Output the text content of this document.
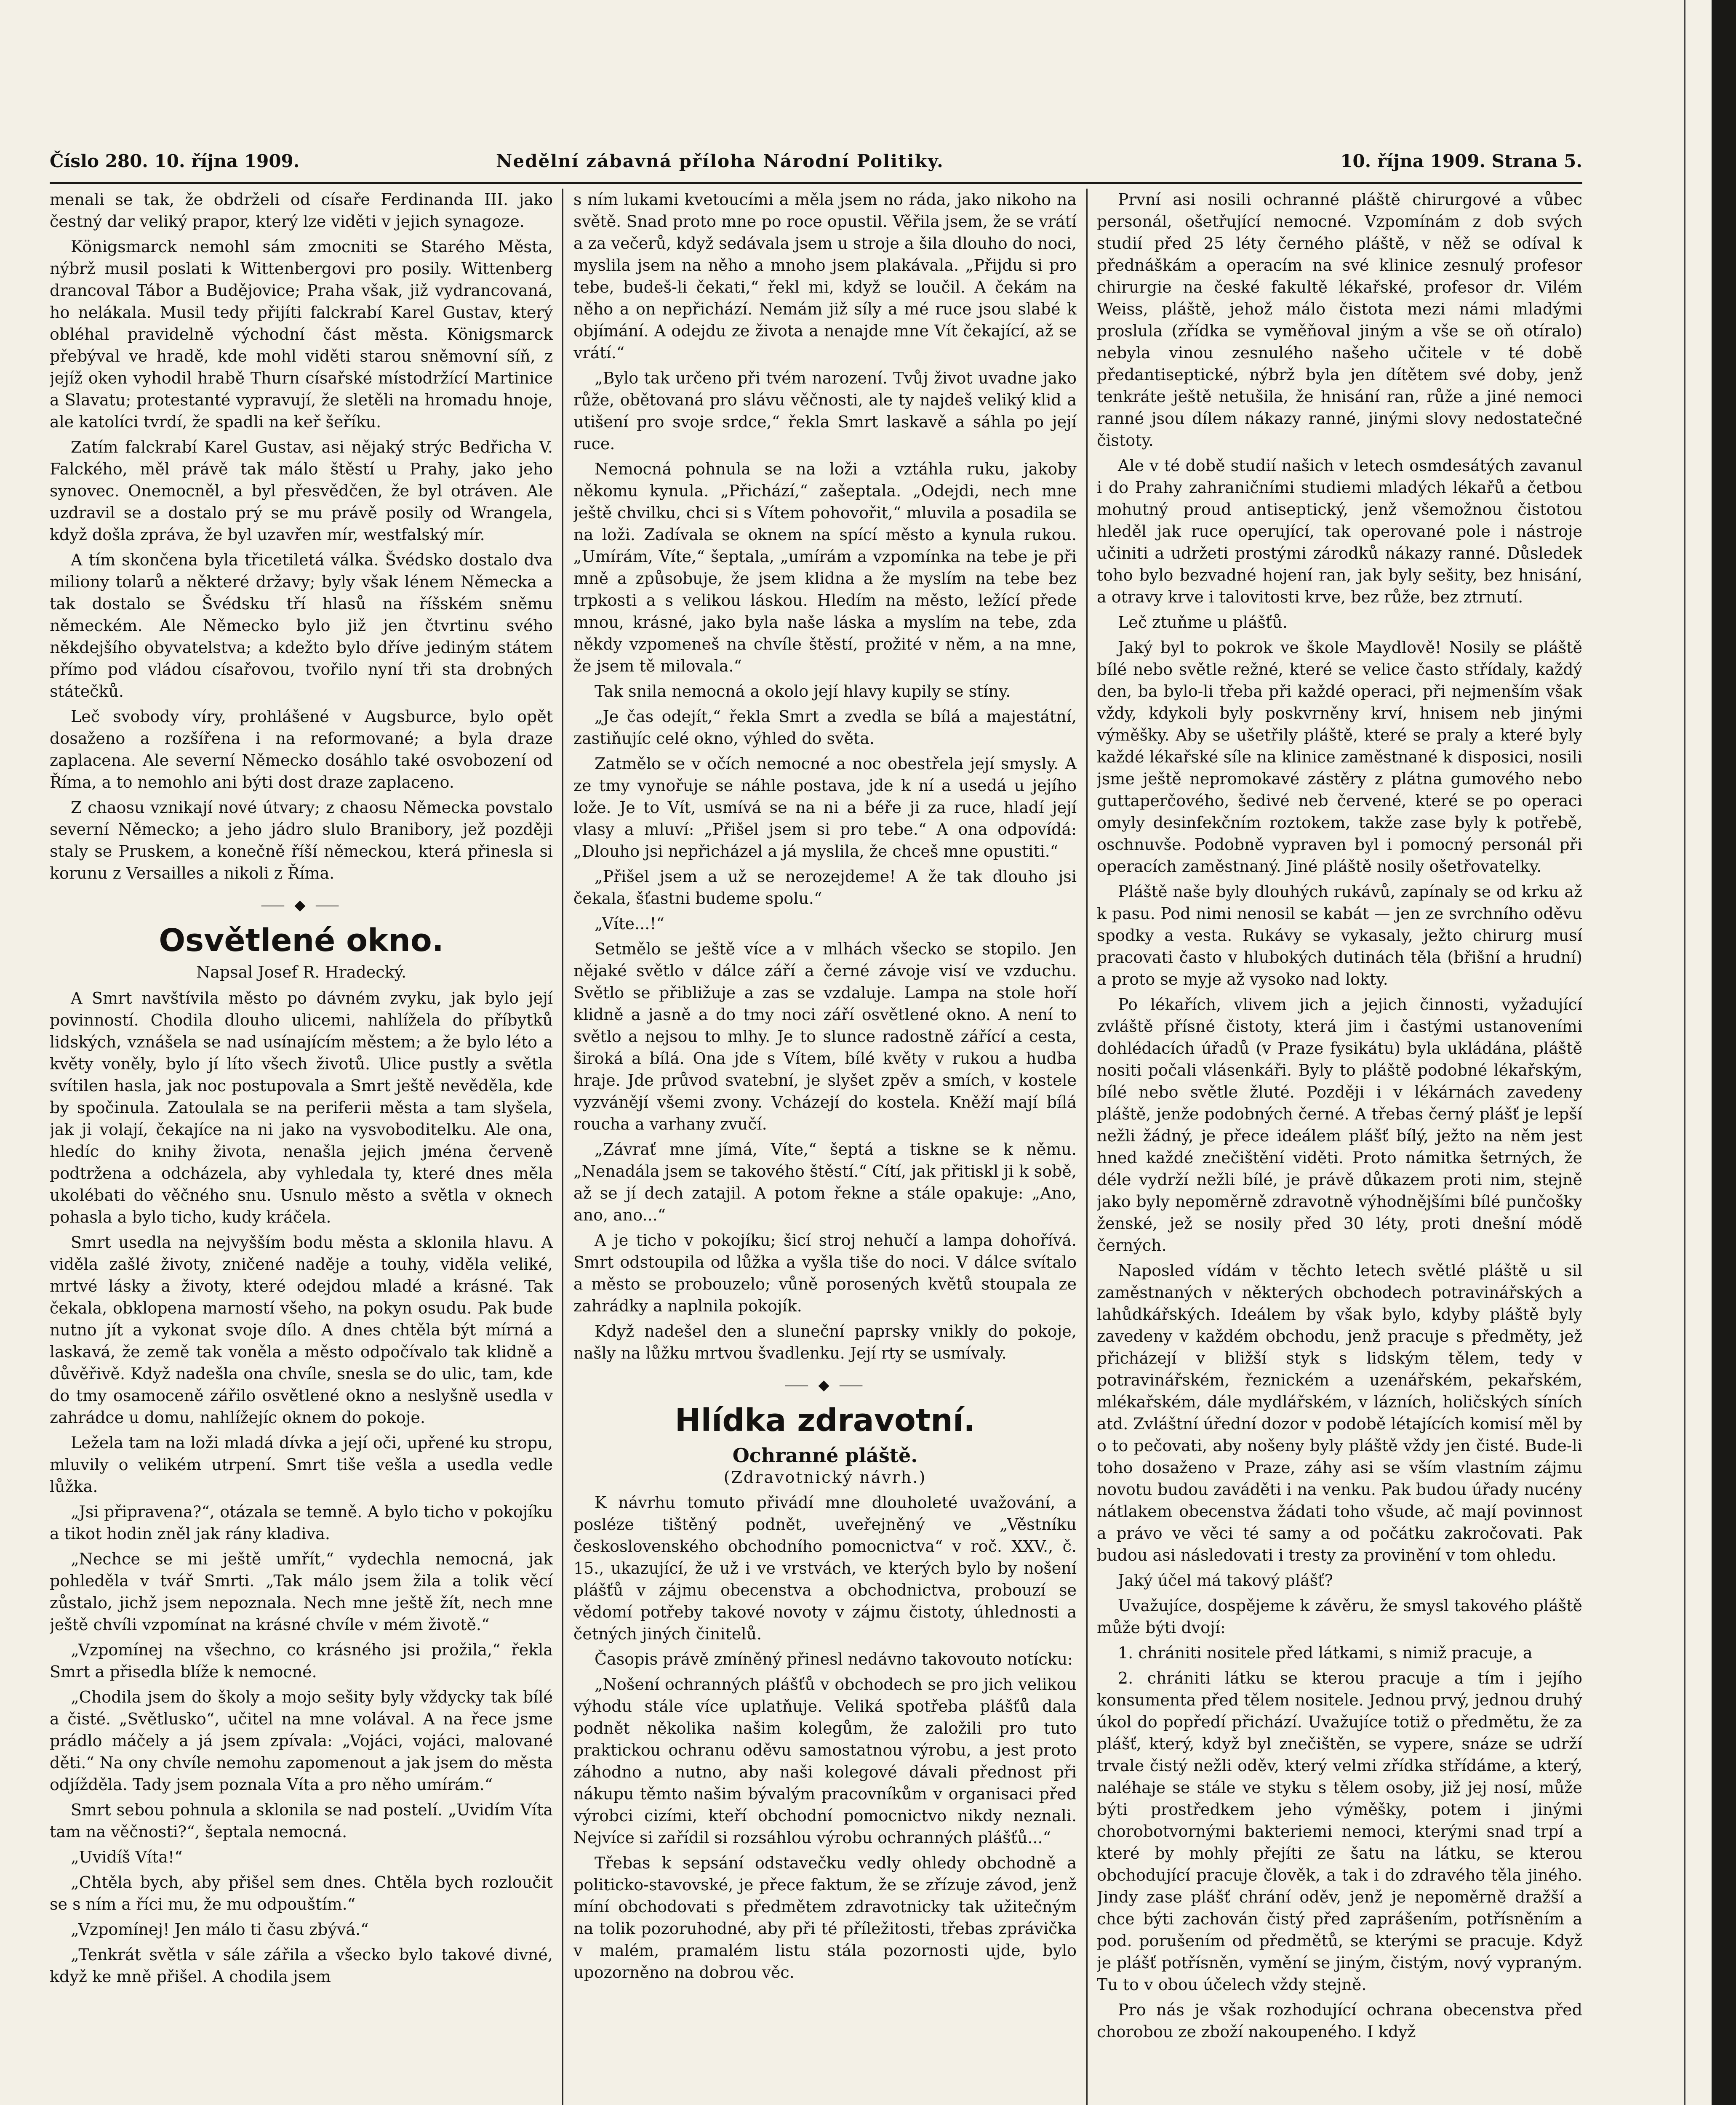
Číslo 280. 10. října 1909.	Nedělní zábavná příloha Národní Politiky.	10. října 1909. Strana 5.

menali se tak, že obdrželi od císaře Ferdinanda III. jako čestný dar veliký prapor, který lze viděti v jejich synagoze.

Königsmarck nemohl sám zmocniti se Starého Města, nýbrž musil poslati k Wittenbergovi pro posily. Wittenberg drancoval Tábor a Budějovice; Praha však, již vydrancovaná, ho nelákala. Musil tedy přijíti falckrabí Karel Gustav, který obléhal pravidelně východní část města. Königsmarck přebýval ve hradě, kde mohl viděti starou sněmovní síň, z jejíž oken vyhodil hrabě Thurn císařské místodržící Martinice a Slavatu; protestanté vypravují, že sletěli na hromadu hnoje, ale katolíci tvrdí, že spadli na keř šeříku.

Zatím falckrabí Karel Gustav, asi nějaký strýc Bedřicha V. Falckého, měl právě tak málo štěstí u Prahy, jako jeho synovec. Onemocněl, a byl přesvědčen, že byl otráven. Ale uzdravil se a dostalo prý se mu právě posily od Wrangela, když došla zpráva, že byl uzavřen mír, westfalský mír.

A tím skončena byla třicetiletá válka. Švédsko dostalo dva miliony tolarů a některé državy; byly však lénem Německa a tak dostalo se Švédsku tří hlasů na říšském sněmu německém. Ale Německo bylo již jen čtvrtinu svého někdejšího obyvatelstva; a kdežto bylo dříve jediným státem přímo pod vládou císařovou, tvořilo nyní tři sta drobných státečků.

Leč svobody víry, prohlášené v Augsburce, bylo opět dosaženo a rozšířena i na reformované; a byla draze zaplacena. Ale severní Německo dosáhlo také osvobození od Říma, a to nemohlo ani býti dost draze zaplaceno.

Z chaosu vznikají nové útvary; z chaosu Německa povstalo severní Německo; a jeho jádro slulo Branibory, jež později staly se Pruskem, a konečně říší německou, která přinesla si korunu z Versailles a nikoli z Říma.

⸺ ◆ ⸺
Osvětlené okno.
Napsal Josef R. Hradecký.

A Smrt navštívila město po dávném zvyku, jak bylo její povinností. Chodila dlouho ulicemi, nahlížela do příbytků lidských, vznášela se nad usínajícím městem; a že bylo léto a květy voněly, bylo jí líto všech životů. Ulice pustly a světla svítilen hasla, jak noc postupovala a Smrt ještě nevěděla, kde by spočinula. Zatoulala se na periferii města a tam slyšela, jak ji volají, čekajíce na ni jako na vysvoboditelku. Ale ona, hledíc do knihy života, nenašla jejich jména červeně podtržena a odcházela, aby vyhledala ty, které dnes měla ukolébati do věčného snu. Usnulo město a světla v oknech pohasla a bylo ticho, kudy kráčela.

Smrt usedla na nejvyšším bodu města a sklonila hlavu. A viděla zašlé životy, zničené naděje a touhy, viděla veliké, mrtvé lásky a životy, které odejdou mladé a krásné. Tak čekala, obklopena marností všeho, na pokyn osudu. Pak bude nutno jít a vykonat svoje dílo. A dnes chtěla být mírná a laskavá, že země tak voněla a město odpočívalo tak klidně a důvěřivě. Když nadešla ona chvíle, snesla se do ulic, tam, kde do tmy osamoceně zářilo osvětlené okno a neslyšně usedla v zahrádce u domu, nahlížejíc oknem do pokoje.

Ležela tam na loži mladá dívka a její oči, upřené ku stropu, mluvily o velikém utrpení. Smrt tiše vešla a usedla vedle lůžka.

„Jsi připravena?“, otázala se temně. A bylo ticho v pokojíku a tikot hodin zněl jak rány kladiva.

„Nechce se mi ještě umřít,“ vydechla nemocná, jak pohleděla v tvář Smrti. „Tak málo jsem žila a tolik věcí zůstalo, jichž jsem nepoznala. Nech mne ještě žít, nech mne ještě chvíli vzpomínat na krásné chvíle v mém životě.“

„Vzpomínej na všechno, co krásného jsi prožila,“ řekla Smrt a přisedla blíže k nemocné.

„Chodila jsem do školy a mojo sešity byly vždycky tak bílé a čisté. „Světlusko“, učitel na mne volával. A na řece jsme prádlo máčely a já jsem zpívala: „Vojáci, vojáci, malované děti.“ Na ony chvíle nemohu zapomenout a jak jsem do města odjížděla. Tady jsem poznala Víta a pro něho umírám.“

Smrt sebou pohnula a sklonila se nad postelí. „Uvidím Víta tam na věčnosti?“, šeptala nemocná.

„Uvidíš Víta!“

„Chtěla bych, aby přišel sem dnes. Chtěla bych rozloučit se s ním a říci mu, že mu odpouštím.“

„Vzpomínej! Jen málo ti času zbývá.“

„Tenkrát světla v sále zářila a všecko bylo takové divné, když ke mně přišel. A chodila jsem

s ním lukami kvetoucími a měla jsem no ráda, jako nikoho na světě. Snad proto mne po roce opustil. Věřila jsem, že se vrátí a za večerů, když sedávala jsem u stroje a šila dlouho do noci, myslila jsem na něho a mnoho jsem plakávala. „Přijdu si pro tebe, budeš-li čekati,“ řekl mi, když se loučil. A čekám na něho a on nepřichází. Nemám již síly a mé ruce jsou slabé k objímání. A odejdu ze života a nenajde mne Vít čekající, až se vrátí.“

„Bylo tak určeno při tvém narození. Tvůj život uvadne jako růže, obětovaná pro slávu věčnosti, ale ty najdeš veliký klid a utišení pro svoje srdce,“ řekla Smrt laskavě a sáhla po její ruce.

Nemocná pohnula se na loži a vztáhla ruku, jakoby někomu kynula. „Přichází,“ zašeptala. „Odejdi, nech mne ještě chvilku, chci si s Vítem pohovořit,“ mluvila a posadila se na loži. Zadívala se oknem na spící město a kynula rukou. „Umírám, Víte,“ šeptala, „umírám a vzpomínka na tebe je při mně a způsobuje, že jsem klidna a že myslím na tebe bez trpkosti a s velikou láskou. Hledím na město, ležící přede mnou, krásné, jako byla naše láska a myslím na tebe, zda někdy vzpomeneš na chvíle štěstí, prožité v něm, a na mne, že jsem tě milovala.“

Tak snila nemocná a okolo její hlavy kupily se stíny.

„Je čas odejít,“ řekla Smrt a zvedla se bílá a majestátní, zastiňujíc celé okno, výhled do světa.

Zatmělo se v očích nemocné a noc obestřela její smysly. A ze tmy vynořuje se náhle postava, jde k ní a usedá u jejího lože. Je to Vít, usmívá se na ni a béře ji za ruce, hladí její vlasy a mluví: „Přišel jsem si pro tebe.“ A ona odpovídá: „Dlouho jsi nepřicházel a já myslila, že chceš mne opustiti.“

„Přišel jsem a už se nerozejdeme! A že tak dlouho jsi čekala, šťastni budeme spolu.“

„Víte...!“

Setmělo se ještě více a v mlhách všecko se stopilo. Jen nějaké světlo v dálce září a černé závoje visí ve vzduchu. Světlo se přibližuje a zas se vzdaluje. Lampa na stole hoří klidně a jasně a do tmy noci září osvětlené okno. A není to světlo a nejsou to mlhy. Je to slunce radostně zářící a cesta, široká a bílá. Ona jde s Vítem, bílé květy v rukou a hudba hraje. Jde průvod svatební, je slyšet zpěv a smích, v kostele vyzvánějí všemi zvony. Vcházejí do kostela. Kněží mají bílá roucha a varhany zvučí.

„Závrať mne jímá, Víte,“ šeptá a tiskne se k němu. „Nenadála jsem se takového štěstí.“ Cítí, jak přitiskl ji k sobě, až se jí dech zatajil. A potom řekne a stále opakuje: „Ano, ano, ano...“

A je ticho v pokojíku; šicí stroj nehučí a lampa dohořívá. Smrt odstoupila od lůžka a vyšla tiše do noci. V dálce svítalo a město se probouzelo; vůně porosených květů stoupala ze zahrádky a naplnila pokojík.

Když nadešel den a sluneční paprsky vnikly do pokoje, našly na lůžku mrtvou švadlenku. Její rty se usmívaly.

⸺ ◆ ⸺
Hlídka zdravotní.
Ochranné pláště.
(Zdravotnický návrh.)

K návrhu tomuto přivádí mne dlouholeté uvažování, a posléze tištěný podnět, uveřejněný ve „Věstníku československého obchodního pomocnictva“ v roč. XXV., č. 15., ukazující, že už i ve vrstvách, ve kterých bylo by nošení plášťů v zájmu obecenstva a obchodnictva, probouzí se vědomí potřeby takové novoty v zájmu čistoty, úhlednosti a četných jiných činitelů.

Časopis právě zmíněný přinesl nedávno takovouto notícku:

„Nošení ochranných plášťů v obchodech se pro jich velikou výhodu stále více uplatňuje. Veliká spotřeba plášťů dala podnět několika našim kolegům, že založili pro tuto praktickou ochranu oděvu samostatnou výrobu, a jest proto záhodno a nutno, aby naši kolegové dávali přednost při nákupu těmto našim bývalým pracovníkům v organisaci před výrobci cizími, kteří obchodní pomocnictvo nikdy neznali. Nejvíce si zařídil si rozsáhlou výrobu ochranných plášťů...“

Třebas k sepsání odstavečku vedly ohledy obchodně a politicko-stavovské, je přece faktum, že se zřízuje závod, jenž míní obchodovati s předmětem zdravotnicky tak užitečným na tolik pozoruhodné, aby při té příležitosti, třebas zprávička v malém, pramalém listu stála pozornosti ujde, bylo upozorněno na dobrou věc.

První asi nosili ochranné pláště chirurgové a vůbec personál, ošetřující nemocné. Vzpomínám z dob svých studií před 25 léty černého pláště, v něž se odíval k přednáškám a operacím na své klinice zesnulý profesor chirurgie na české fakultě lékařské, profesor dr. Vilém Weiss, pláště, jehož málo čistota mezi námi mladými proslula (zřídka se vyměňoval jiným a vše se oň otíralo) nebyla vinou zesnulého našeho učitele v té době předantiseptické, nýbrž byla jen dítětem své doby, jenž tenkráte ještě netušila, že hnisání ran, růže a jiné nemoci ranné jsou dílem nákazy ranné, jinými slovy nedostatečné čistoty.

Ale v té době studií našich v letech osmdesátých zavanul i do Prahy zahraničními studiemi mladých lékařů a četbou mohutný proud antiseptický, jenž všemožnou čistotou hleděl jak ruce operující, tak operované pole i nástroje učiniti a udržeti prostými zárodků nákazy ranné. Důsledek toho bylo bezvadné hojení ran, jak byly sešity, bez hnisání, a otravy krve i talovitosti krve, bez růže, bez ztrnutí.

Leč ztuňme u plášťů.

Jaký byl to pokrok ve škole Maydlově! Nosily se pláště bílé nebo světle režné, které se velice často střídaly, každý den, ba bylo-li třeba při každé operaci, při nejmenším však vždy, kdykoli byly poskvrněny krví, hnisem neb jinými výměšky. Aby se ušetřily pláště, které se praly a které byly každé lékařské síle na klinice zaměstnané k disposici, nosili jsme ještě nepromokavé zástěry z plátna gumového nebo guttaperčového, šedivé neb červené, které se po operaci omyly desinfekčním roztokem, takže zase byly k potřebě, oschnuvše. Podobně vypraven byl i pomocný personál při operacích zaměstnaný. Jiné pláště nosily ošetřovatelky.

Pláště naše byly dlouhých rukávů, zapínaly se od krku až k pasu. Pod nimi nenosil se kabát — jen ze svrchního oděvu spodky a vesta. Rukávy se vykasaly, ježto chirurg musí pracovati často v hlubokých dutinách těla (břišní a hrudní) a proto se myje až vysoko nad lokty.

Po lékařích, vlivem jich a jejich činnosti, vyžadující zvláště přísné čistoty, která jim i častými ustanoveními dohlédacích úřadů (v Praze fysikátu) byla ukládána, pláště nositi počali vlásenkáři. Byly to pláště podobné lékařským, bílé nebo světle žluté. Později i v lékárnách zavedeny pláště, jenže podobných černé. A třebas černý plášť je lepší nežli žádný, je přece ideálem plášť bílý, ježto na něm jest hned každé znečištění viděti. Proto námitka šetrných, že déle vydrží nežli bílé, je právě důkazem proti nim, stejně jako byly nepoměrně zdravotně výhodnějšími bílé punčošky ženské, jež se nosily před 30 léty, proti dnešní módě černých.

Naposled vídám v těchto letech světlé pláště u sil zaměstnaných v některých obchodech potravinářských a lahůdkářských. Ideálem by však bylo, kdyby pláště byly zavedeny v každém obchodu, jenž pracuje s předměty, jež přicházejí v bližší styk s lidským tělem, tedy v potravinářském, řeznickém a uzenářském, pekařském, mlékařském, dále mydlářském, v lázních, holičských síních atd. Zvláštní úřední dozor v podobě létajících komisí měl by o to pečovati, aby nošeny byly pláště vždy jen čisté. Bude-li toho dosaženo v Praze, záhy asi se vším vlastním zájmu novotu budou zaváděti i na venku. Pak budou úřady nucény nátlakem obecenstva žádati toho všude, ač mají povinnost a právo ve věci té samy a od počátku zakročovati. Pak budou asi následovati i tresty za provinění v tom ohledu.

Jaký účel má takový plášť?

Uvažujíce, dospějeme k závěru, že smysl takového pláště může býti dvojí:

1. chrániti nositele před látkami, s nimiž pracuje, a

2. chrániti látku se kterou pracuje a tím i jejího konsumenta před tělem nositele. Jednou prvý, jednou druhý úkol do popředí přichází. Uvažujíce totiž o předmětu, že za plášť, který, když byl znečištěn, se vypere, snáze se udrží trvale čistý nežli oděv, který velmi zřídka střídáme, a který, naléhaje se stále ve styku s tělem osoby, již jej nosí, může býti prostředkem jeho výměšky, potem i jinými chorobotvornými bakteriemi nemoci, kterými snad trpí a které by mohly přejíti ze šatu na látku, se kterou obchodující pracuje člověk, a tak i do zdravého těla jiného. Jindy zase plášť chrání oděv, jenž je nepoměrně dražší a chce býti zachován čistý před zaprášením, potřísněním a pod. porušením od předmětů, se kterými se pracuje. Když je plášť potřísněn, vymění se jiným, čistým, nový vypraným. Tu to v obou účelech vždy stejně.

Pro nás je však rozhodující ochrana obecenstva před chorobou ze zboží nakoupeného. I když
